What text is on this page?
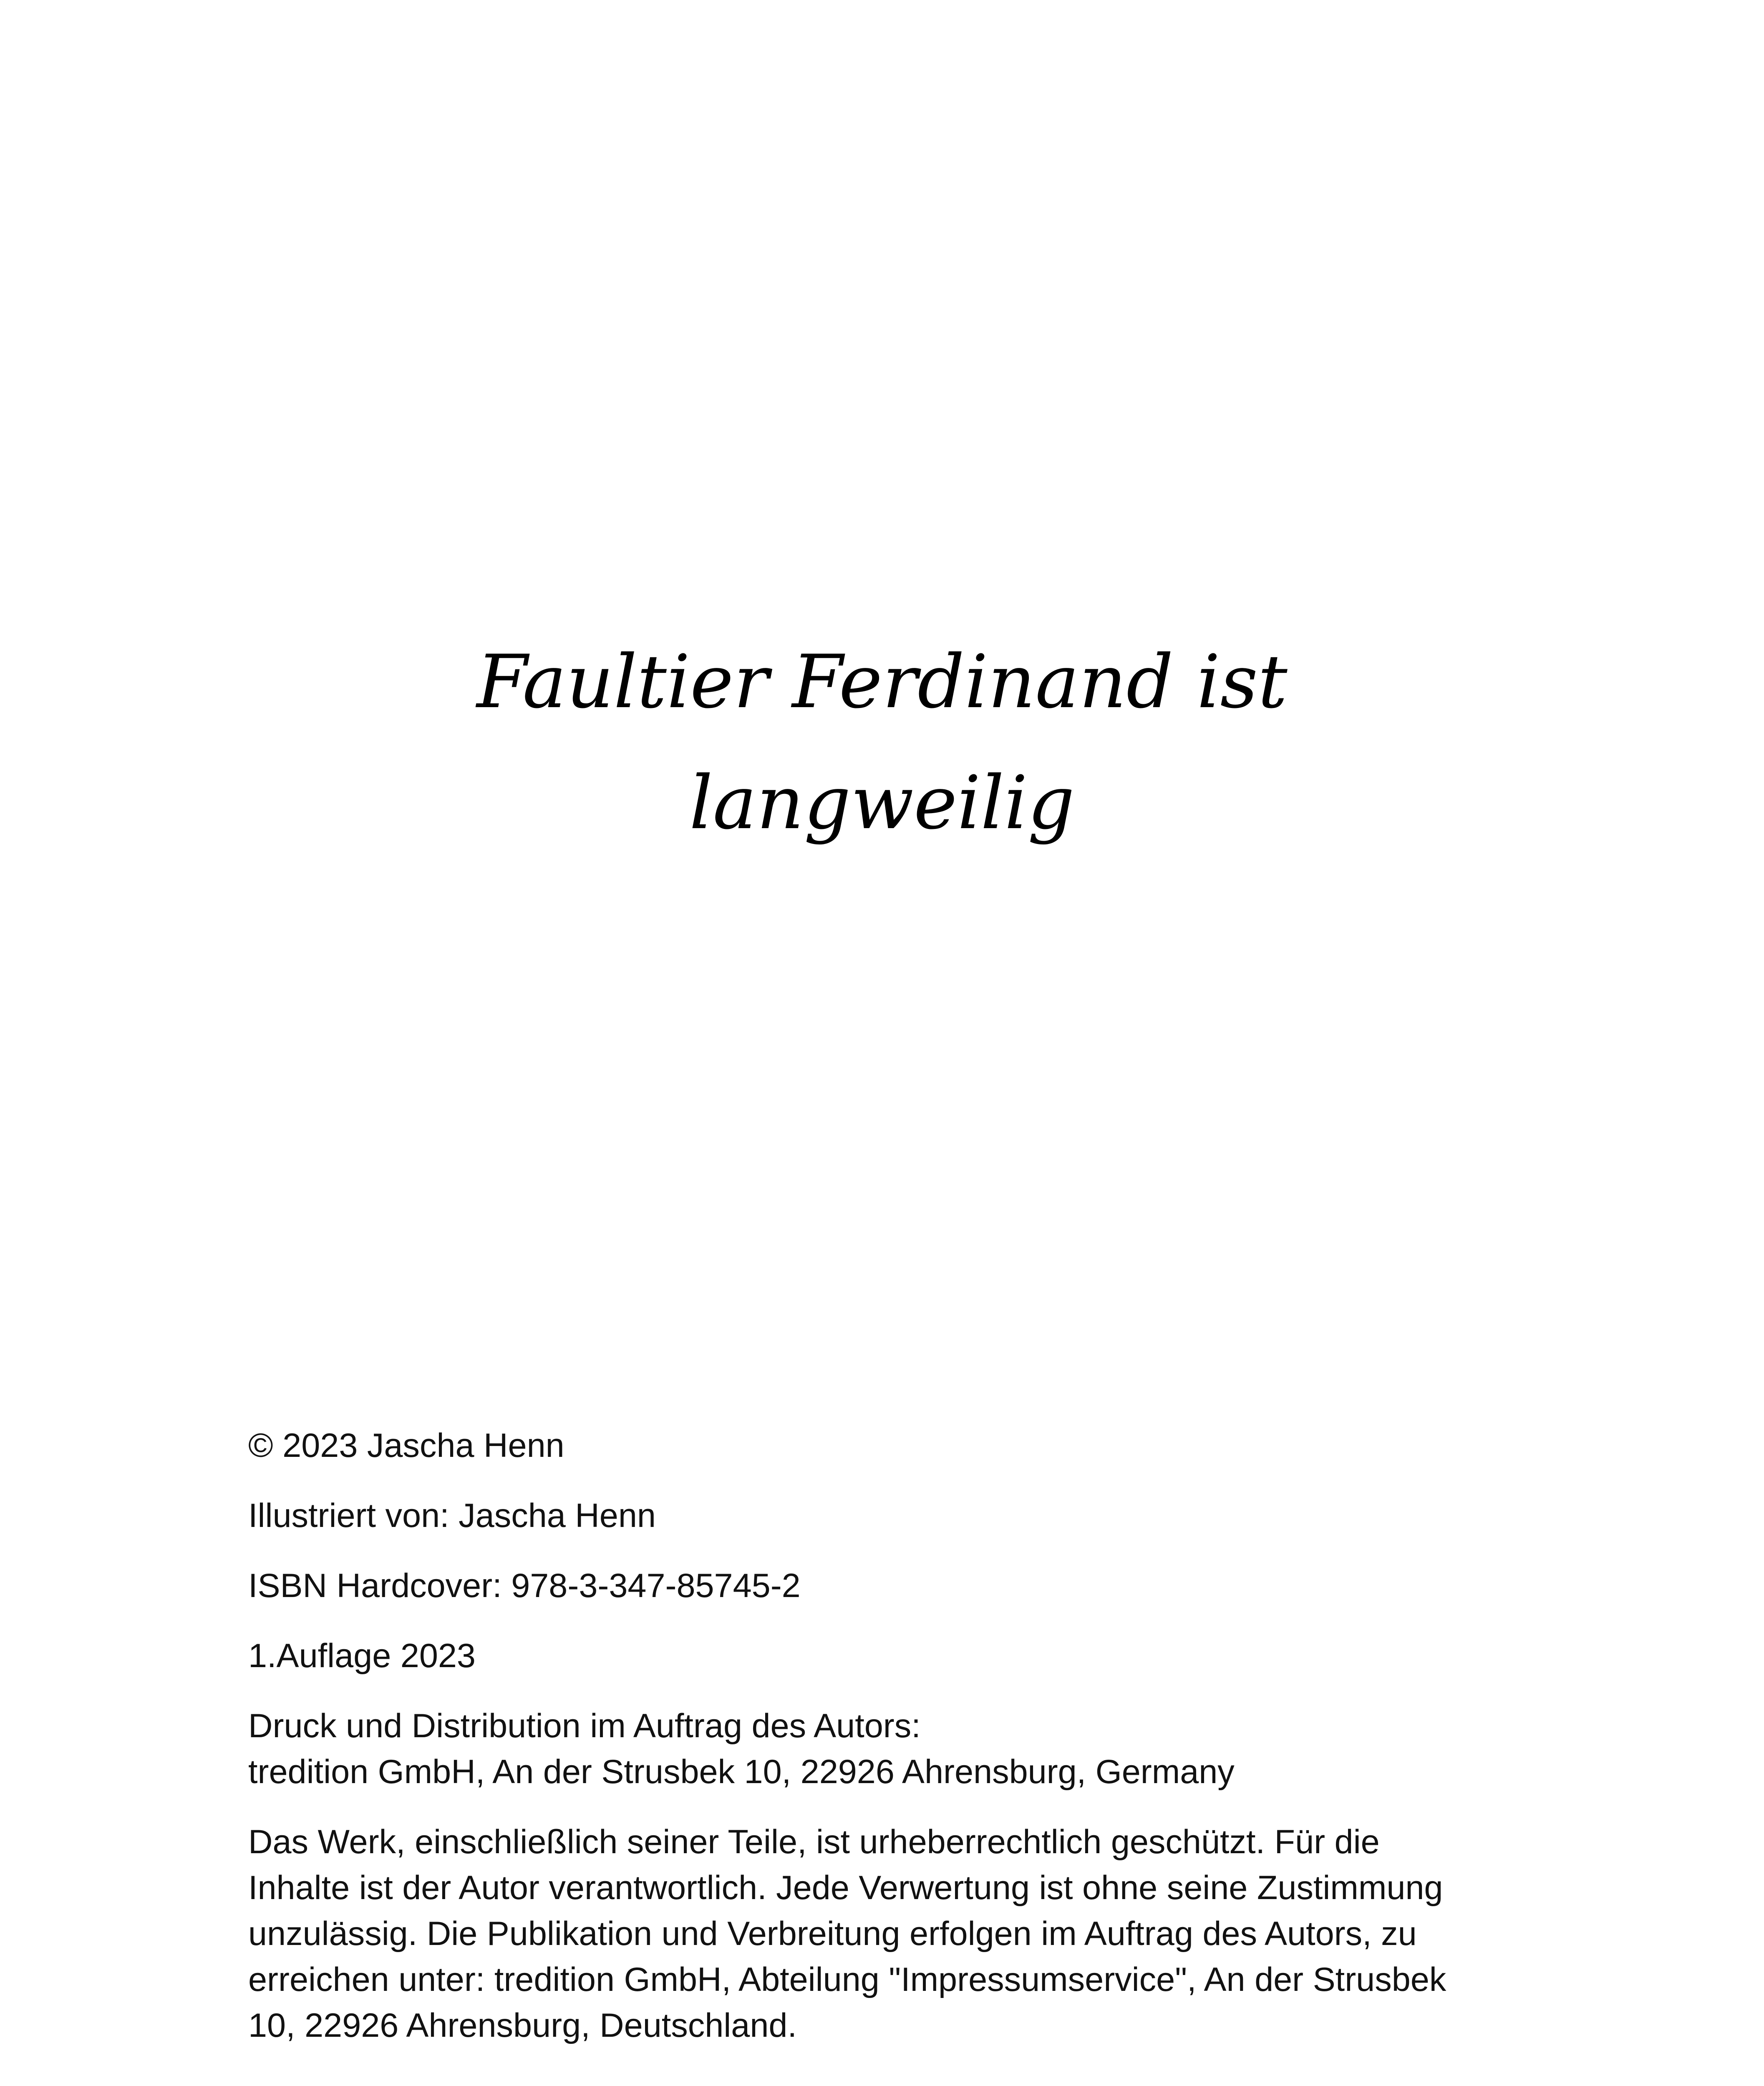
Faultier Ferdinand ist
langweilig

© 2023 Jascha Henn

Illustriert von: Jascha Henn

ISBN Hardcover: 978-3-347-85745-2

1.Auflage 2023

Druck und Distribution im Auftrag des Autors:
tredition GmbH, An der Strusbek 10, 22926 Ahrensburg, Germany

Das Werk, einschließlich seiner Teile, ist urheberrechtlich geschützt. Für die
Inhalte ist der Autor verantwortlich. Jede Verwertung ist ohne seine Zustimmung
unzulässig. Die Publikation und Verbreitung erfolgen im Auftrag des Autors, zu
erreichen unter: tredition GmbH, Abteilung "Impressumservice", An der Strusbek
10, 22926 Ahrensburg, Deutschland.
